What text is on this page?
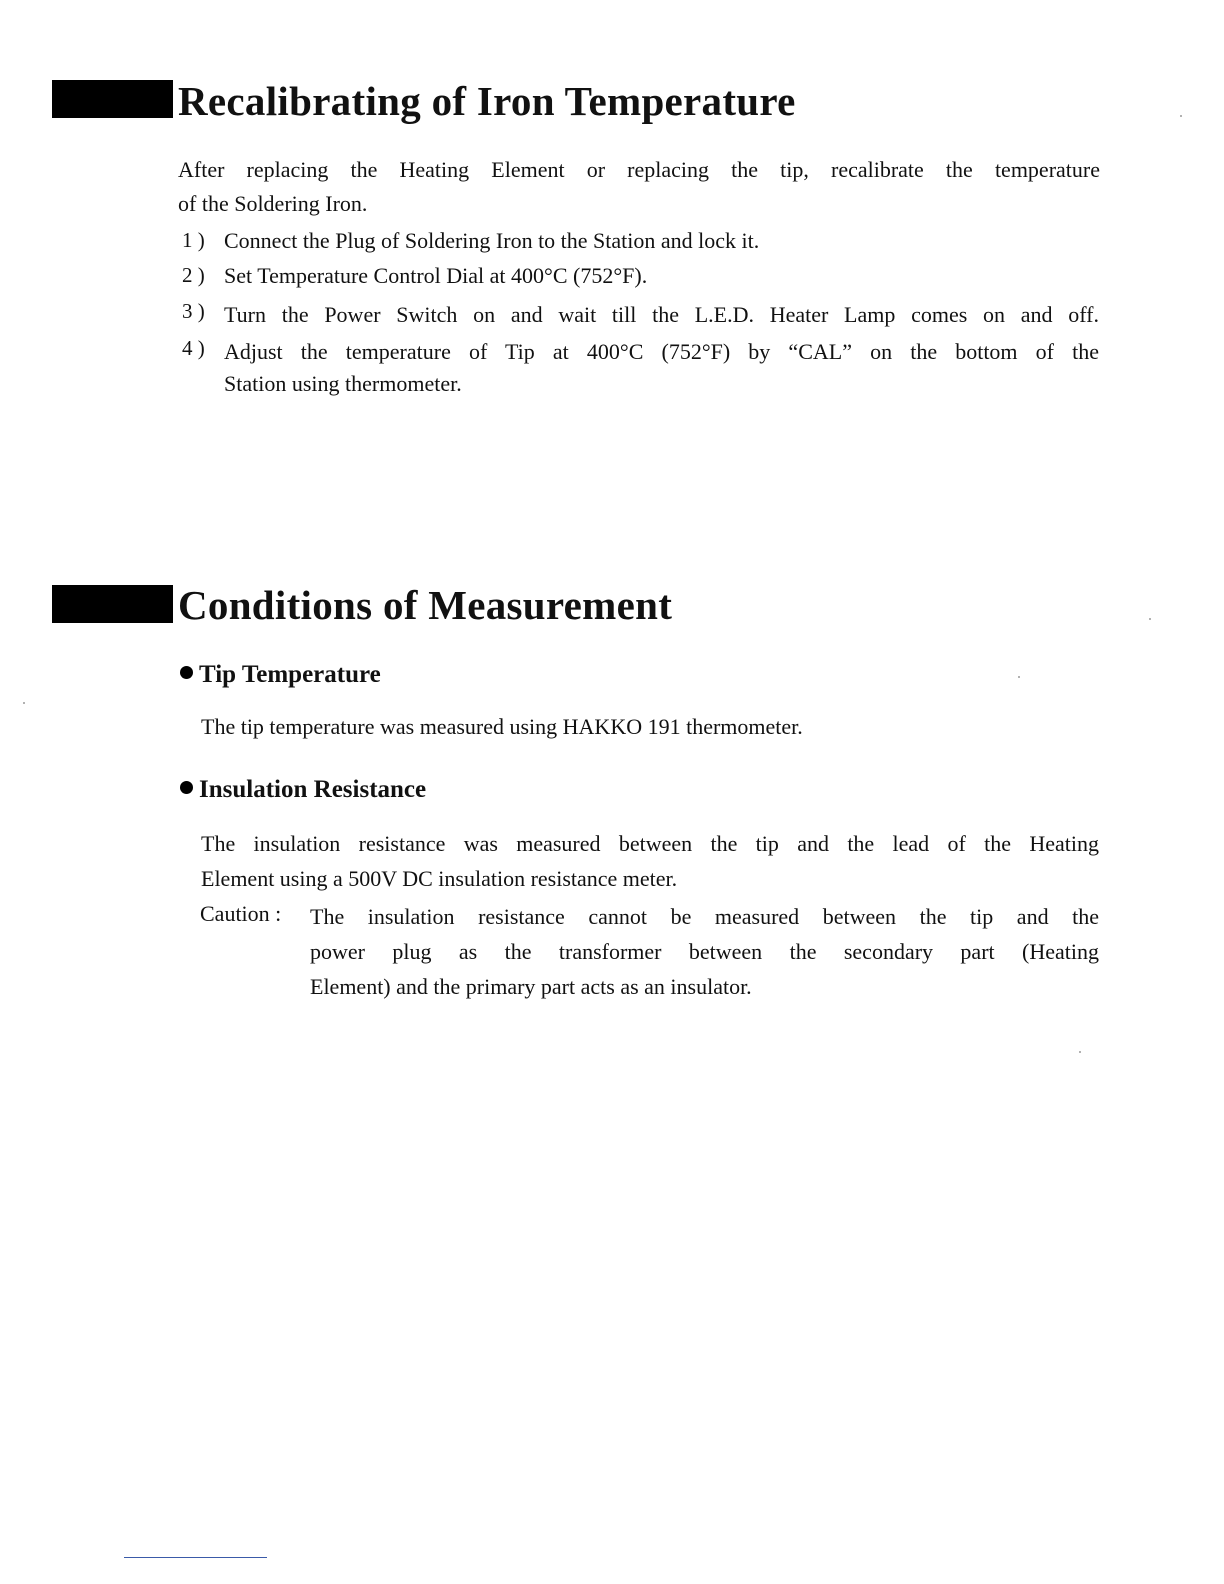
Recalibrating of Iron Temperature

After replacing the Heating Element or replacing the tip, recalibrate the temperature

of the Soldering Iron.

1 ) Connect the Plug of Soldering Iron to the Station and lock it.

2 ) Set Temperature Control Dial at 400°C (752°F).

3 ) Turn the Power Switch on and wait till the L.E.D. Heater Lamp comes on and off.

4 ) Adjust the temperature of Tip at 400°C (752°F) by “CAL” on the bottom of the

Station using thermometer.

Conditions of Measurement
Tip Temperature

The tip temperature was measured using HAKKO 191 thermometer.

Insulation Resistance

The insulation resistance was measured between the tip and the lead of the Heating

Element using a 500V DC insulation resistance meter.

Caution : The insulation resistance cannot be measured between the tip and the

power plug as the transformer between the secondary part (Heating

Element) and the primary part acts as an insulator.
